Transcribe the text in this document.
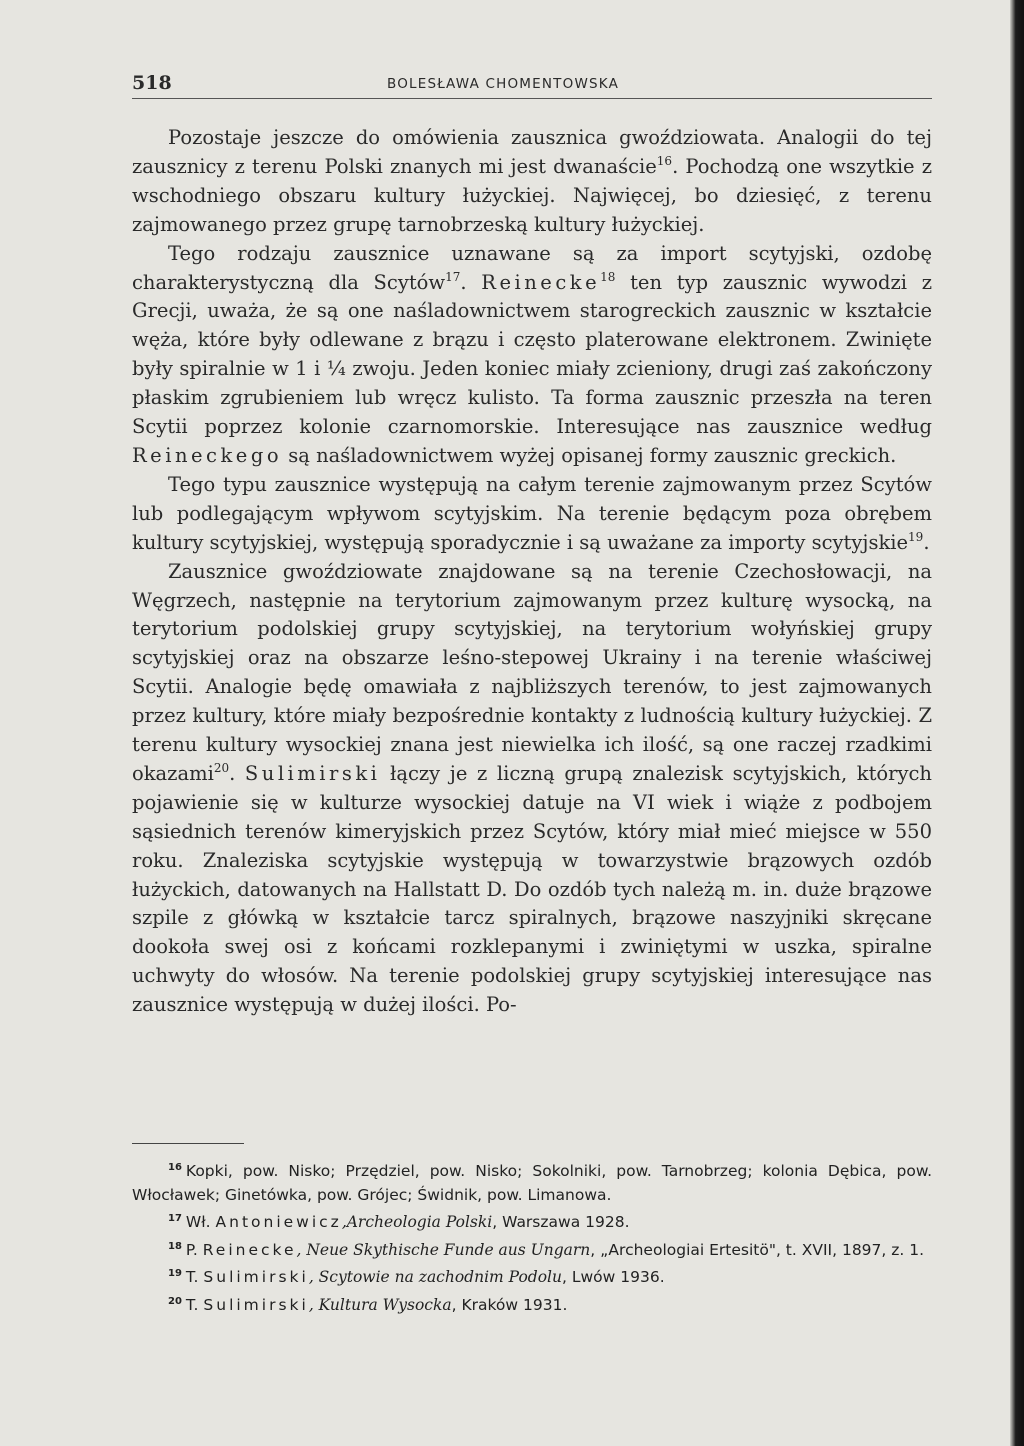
518	BOLESŁAWA CHOMENTOWSKA

Pozostaje jeszcze do omówienia zausznica gwoździowata. Analogii do tej zausznicy z terenu Polski znanych mi jest dwanaście$^{16}$. Pochodzą one wszytkie z wschodniego obszaru kultury łużyckiej. Najwięcej, bo dziesięć, z terenu zajmowanego przez grupę tarnobrzeską kultury łużyckiej.

Tego rodzaju zausznice uznawane są za import scytyjski, ozdobę charakterystyczną dla Scytów$^{17}$. Reinecke$^{18}$ ten typ zausznic wywodzi z Grecji, uważa, że są one naśladownictwem starogreckich zausznic w kształcie węża, które były odlewane z brązu i często platerowane elektronem. Zwinięte były spiralnie w 1 i ¼ zwoju. Jeden koniec miały zcieniony, drugi zaś zakończony płaskim zgrubieniem lub wręcz kulisto. Ta forma zausznic przeszła na teren Scytii poprzez kolonie czarnomorskie. Interesujące nas zausznice według Reineckego są naśladownictwem wyżej opisanej formy zausznic greckich.

Tego typu zausznice występują na całym terenie zajmowanym przez Scytów lub podlegającym wpływom scytyjskim. Na terenie będącym poza obrębem kultury scytyjskiej, występują sporadycznie i są uważane za importy scytyjskie$^{19}$.

Zausznice gwoździowate znajdowane są na terenie Czechosłowacji, na Węgrzech, następnie na terytorium zajmowanym przez kulturę wysocką, na terytorium podolskiej grupy scytyjskiej, na terytorium wołyńskiej grupy scytyjskiej oraz na obszarze leśno-stepowej Ukrainy i na terenie właściwej Scytii. Analogie będę omawiała z najbliższych terenów, to jest zajmowanych przez kultury, które miały bezpośrednie kontakty z ludnością kultury łużyckiej. Z terenu kultury wysockiej znana jest niewielka ich ilość, są one raczej rzadkimi okazami$^{20}$. Sulimirski łączy je z liczną grupą znalezisk scytyjskich, których pojawienie się w kulturze wysockiej datuje na VI wiek i wiąże z podbojem sąsiednich terenów kimeryjskich przez Scytów, który miał mieć miejsce w 550 roku. Znaleziska scytyjskie występują w towarzystwie brązowych ozdób łużyckich, datowanych na Hallstatt D. Do ozdób tych należą m. in. duże brązowe szpile z główką w kształcie tarcz spiralnych, brązowe naszyjniki skręcane dookoła swej osi z końcami rozklepanymi i zwiniętymi w uszka, spiralne uchwyty do włosów. Na terenie podolskiej grupy scytyjskiej interesujące nas zausznice występują w dużej ilości. Po-

$^{16}$ Kopki, pow. Nisko; Przędziel, pow. Nisko; Sokolniki, pow. Tarnobrzeg; kolonia Dębica, pow. Włocławek; Ginetówka, pow. Grójec; Świdnik, pow. Limanowa.

$^{17}$ Wł. Antoniewicz,Archeologia Polski, Warszawa 1928.

$^{18}$ P. Reinecke, Neue Skythische Funde aus Ungarn, „Archeologiai Ertesitö", t. XVII, 1897, z. 1.

$^{19}$ T. Sulimirski, Scytowie na zachodnim Podolu, Lwów 1936.

$^{20}$ T. Sulimirski, Kultura Wysocka, Kraków 1931.
